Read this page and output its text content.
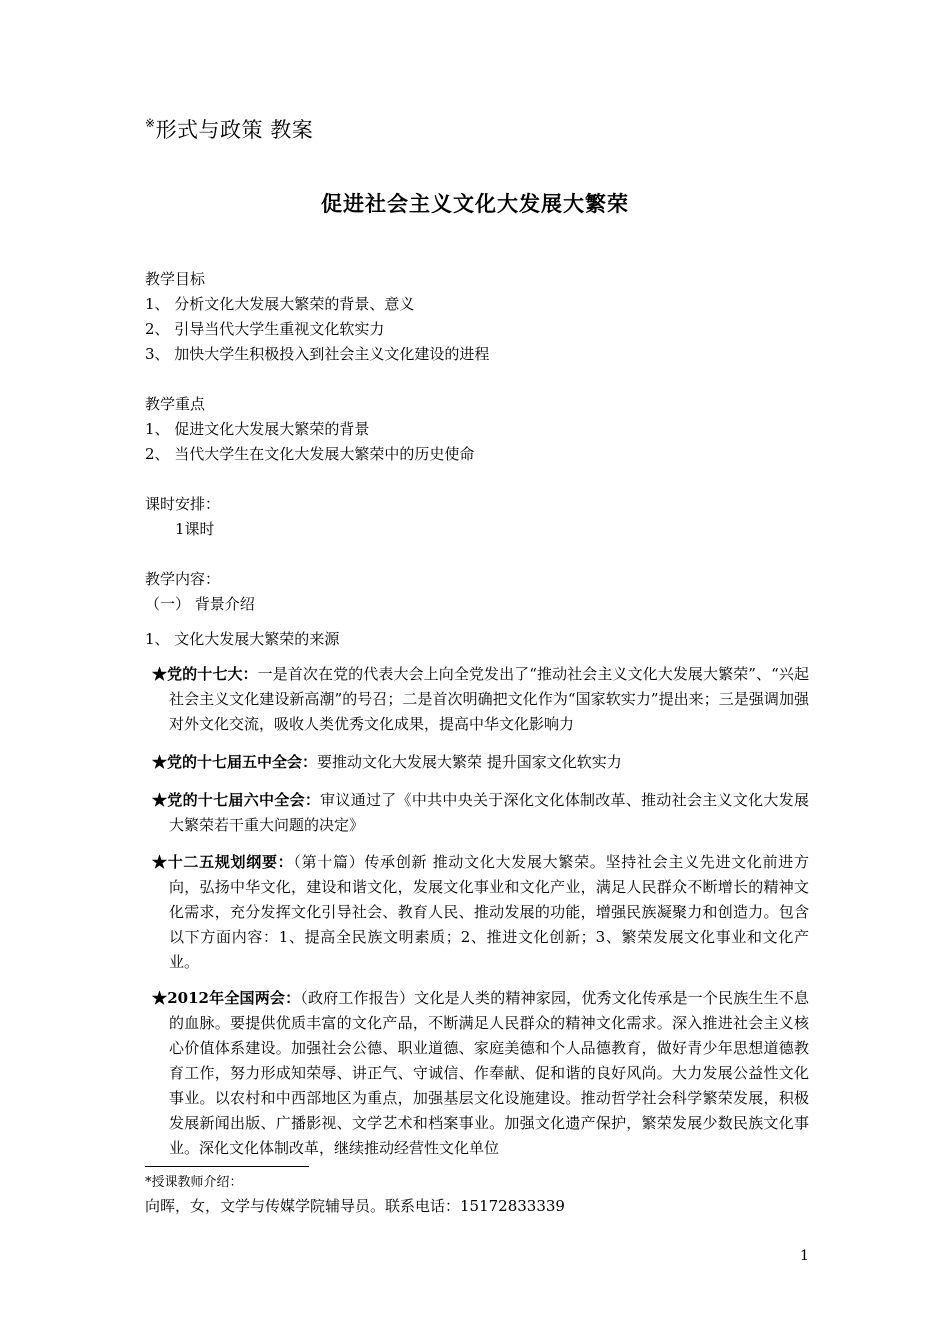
※形式与政策 教案
促进社会主义文化大发展大繁荣
教学目标
1、 分析文化大发展大繁荣的背景、意义
2、 引导当代大学生重视文化软实力
3、 加快大学生积极投入到社会主义文化建设的进程
教学重点
1、 促进文化大发展大繁荣的背景
2、 当代大学生在文化大发展大繁荣中的历史使命
课时安排：
1课时
教学内容：
（一） 背景介绍
1、 文化大发展大繁荣的来源
★党的十七大：一是首次在党的代表大会上向全党发出了“推动社会主义文化大发展大繁荣”、“兴起社会主义文化建设新高潮”的号召；二是首次明确把文化作为“国家软实力”提出来；三是强调加强对外文化交流，吸收人类优秀文化成果，提高中华文化影响力
★党的十七届五中全会：要推动文化大发展大繁荣 提升国家文化软实力
★党的十七届六中全会：审议通过了《中共中央关于深化文化体制改革、推动社会主义文化大发展大繁荣若干重大问题的决定》
★十二五规划纲要：（第十篇）传承创新 推动文化大发展大繁荣。坚持社会主义先进文化前进方向，弘扬中华文化，建设和谐文化，发展文化事业和文化产业，满足人民群众不断增长的精神文化需求，充分发挥文化引导社会、教育人民、推动发展的功能，增强民族凝聚力和创造力。包含以下方面内容：1、提高全民族文明素质；2、推进文化创新；3、繁荣发展文化事业和文化产业。
★2012年全国两会：（政府工作报告）文化是人类的精神家园，优秀文化传承是一个民族生生不息的血脉。要提供优质丰富的文化产品，不断满足人民群众的精神文化需求。深入推进社会主义核心价值体系建设。加强社会公德、职业道德、家庭美德和个人品德教育，做好青少年思想道德教育工作，努力形成知荣辱、讲正气、守诚信、作奉献、促和谐的良好风尚。大力发展公益性文化事业。以农村和中西部地区为重点，加强基层文化设施建设。推动哲学社会科学繁荣发展，积极发展新闻出版、广播影视、文学艺术和档案事业。加强文化遗产保护，繁荣发展少数民族文化事业。深化文化体制改革，继续推动经营性文化单位
*授课教师介绍：
向晖，女，文学与传媒学院辅导员。联系电话：15172833339
1
